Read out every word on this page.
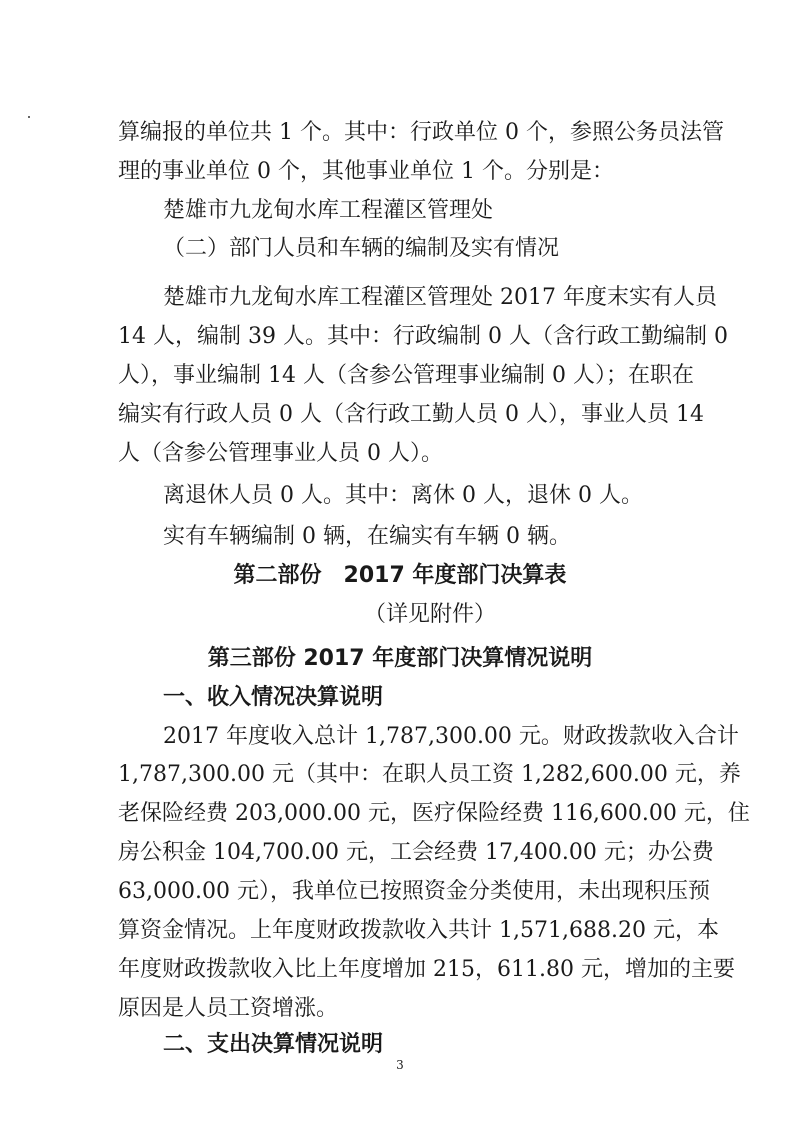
算编报的单位共 1 个。其中：行政单位 0 个，参照公务员法管
理的事业单位 0 个，其他事业单位 1 个。分别是：
楚雄市九龙甸水库工程灌区管理处
（二）部门人员和车辆的编制及实有情况
楚雄市九龙甸水库工程灌区管理处 2017 年度末实有人员
14 人，编制 39 人。其中：行政编制 0 人（含行政工勤编制 0
人），事业编制 14 人（含参公管理事业编制 0 人）；在职在
编实有行政人员 0 人（含行政工勤人员 0 人），事业人员 14
人（含参公管理事业人员 0 人）。
离退休人员 0 人。其中：离休 0 人，退休 0 人。
实有车辆编制 0 辆，在编实有车辆 0 辆。
第二部份　2017 年度部门决算表
（详见附件）
第三部份 2017 年度部门决算情况说明
一、收入情况决算说明
2017 年度收入总计 1,787,300.00 元。财政拨款收入合计
1,787,300.00 元（其中：在职人员工资 1,282,600.00 元，养
老保险经费 203,000.00 元，医疗保险经费 116,600.00 元，住
房公积金 104,700.00 元，工会经费 17,400.00 元；办公费
63,000.00 元），我单位已按照资金分类使用，未出现积压预
算资金情况。上年度财政拨款收入共计 1,571,688.20 元，本
年度财政拨款收入比上年度增加 215，611.80 元，增加的主要
原因是人员工资增涨。
二、支出决算情况说明
3
